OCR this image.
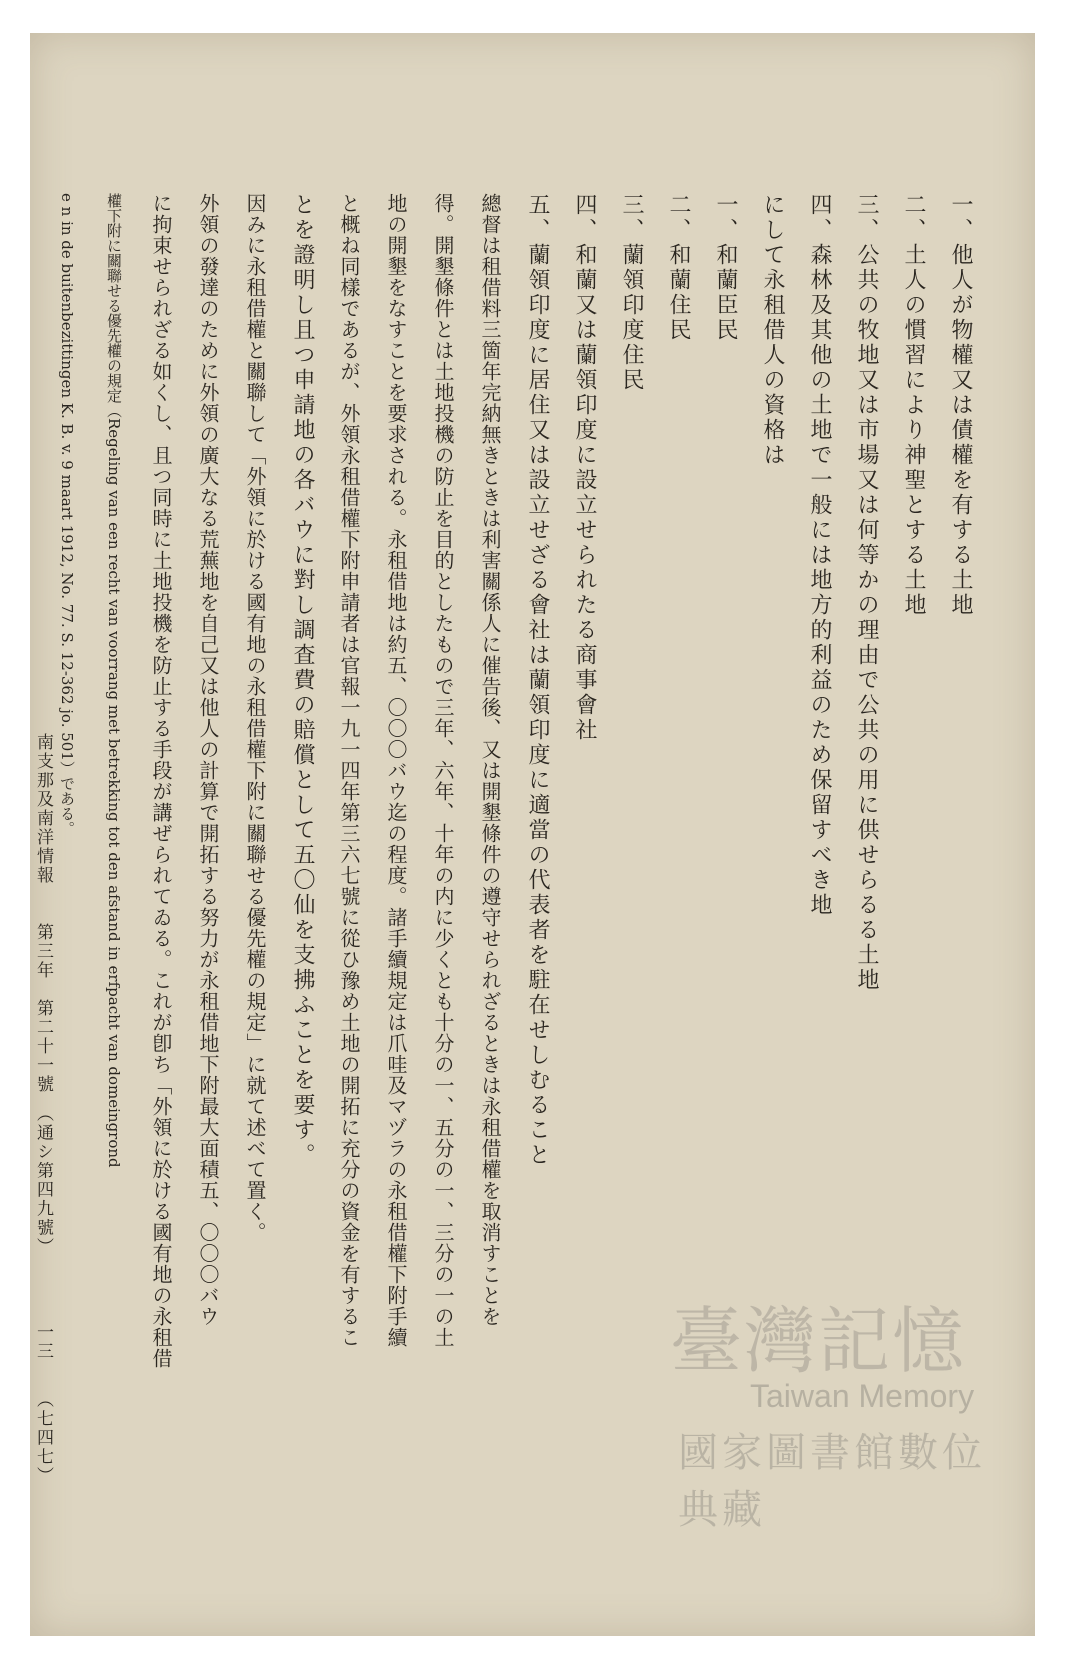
一、他人が物權又は債權を有する土地
二、土人の慣習により神聖とする土地
三、公共の牧地又は市場又は何等かの理由で公共の用に供せらるる土地
四、森林及其他の土地で一般には地方的利益のため保留すべき地
にして永租借人の資格は
一、和蘭臣民
二、和蘭住民
三、蘭領印度住民
四、和蘭又は蘭領印度に設立せられたる商事會社
五、蘭領印度に居住又は設立せざる會社は蘭領印度に適當の代表者を駐在せしむること
總督は租借料三箇年完納無きときは利害關係人に催告後、又は開墾條件の遵守せられざるときは永租借權を取消すことを
得。開墾條件とは土地投機の防止を目的としたもので三年、六年、十年の内に少くとも十分の一、五分の一、三分の一の土
地の開墾をなすことを要求される。永租借地は約五、〇〇〇バウ迄の程度。諸手續規定は爪哇及マヅラの永租借權下附手續
と概ね同樣であるが、外領永租借權下附申請者は官報一九一四年第三六七號に從ひ豫め土地の開拓に充分の資金を有するこ
とを證明し且つ申請地の各バウに對し調査費の賠償として五〇仙を支拂ふことを要す。
因みに永租借權と關聯して「外領に於ける國有地の永租借權下附に關聯せる優先權の規定」に就て述べて置く。
外領の發達のために外領の廣大なる荒蕪地を自己又は他人の計算で開拓する努力が永租借地下附最大面積五、〇〇〇バウ
に拘束せられざる如くし、且つ同時に土地投機を防止する手段が講ぜられてゐる。これが卽ち「外領に於ける國有地の永租借
權下附に關聯せる優先權の規定（Regeling van een recht van voorrang met betrekking tot den afstand in erfpacht van domeingrond
e n in de buitenbezittingen K. B. v. 9 maart 1912, No. 77. S. 12-362 jo. 501）である。
南支那及南洋情報　　第三年　第二十一號　（通シ第四九號）
一三　　（七四七）	臺灣記憶
Taiwan Memory
國家圖書館數位典藏
